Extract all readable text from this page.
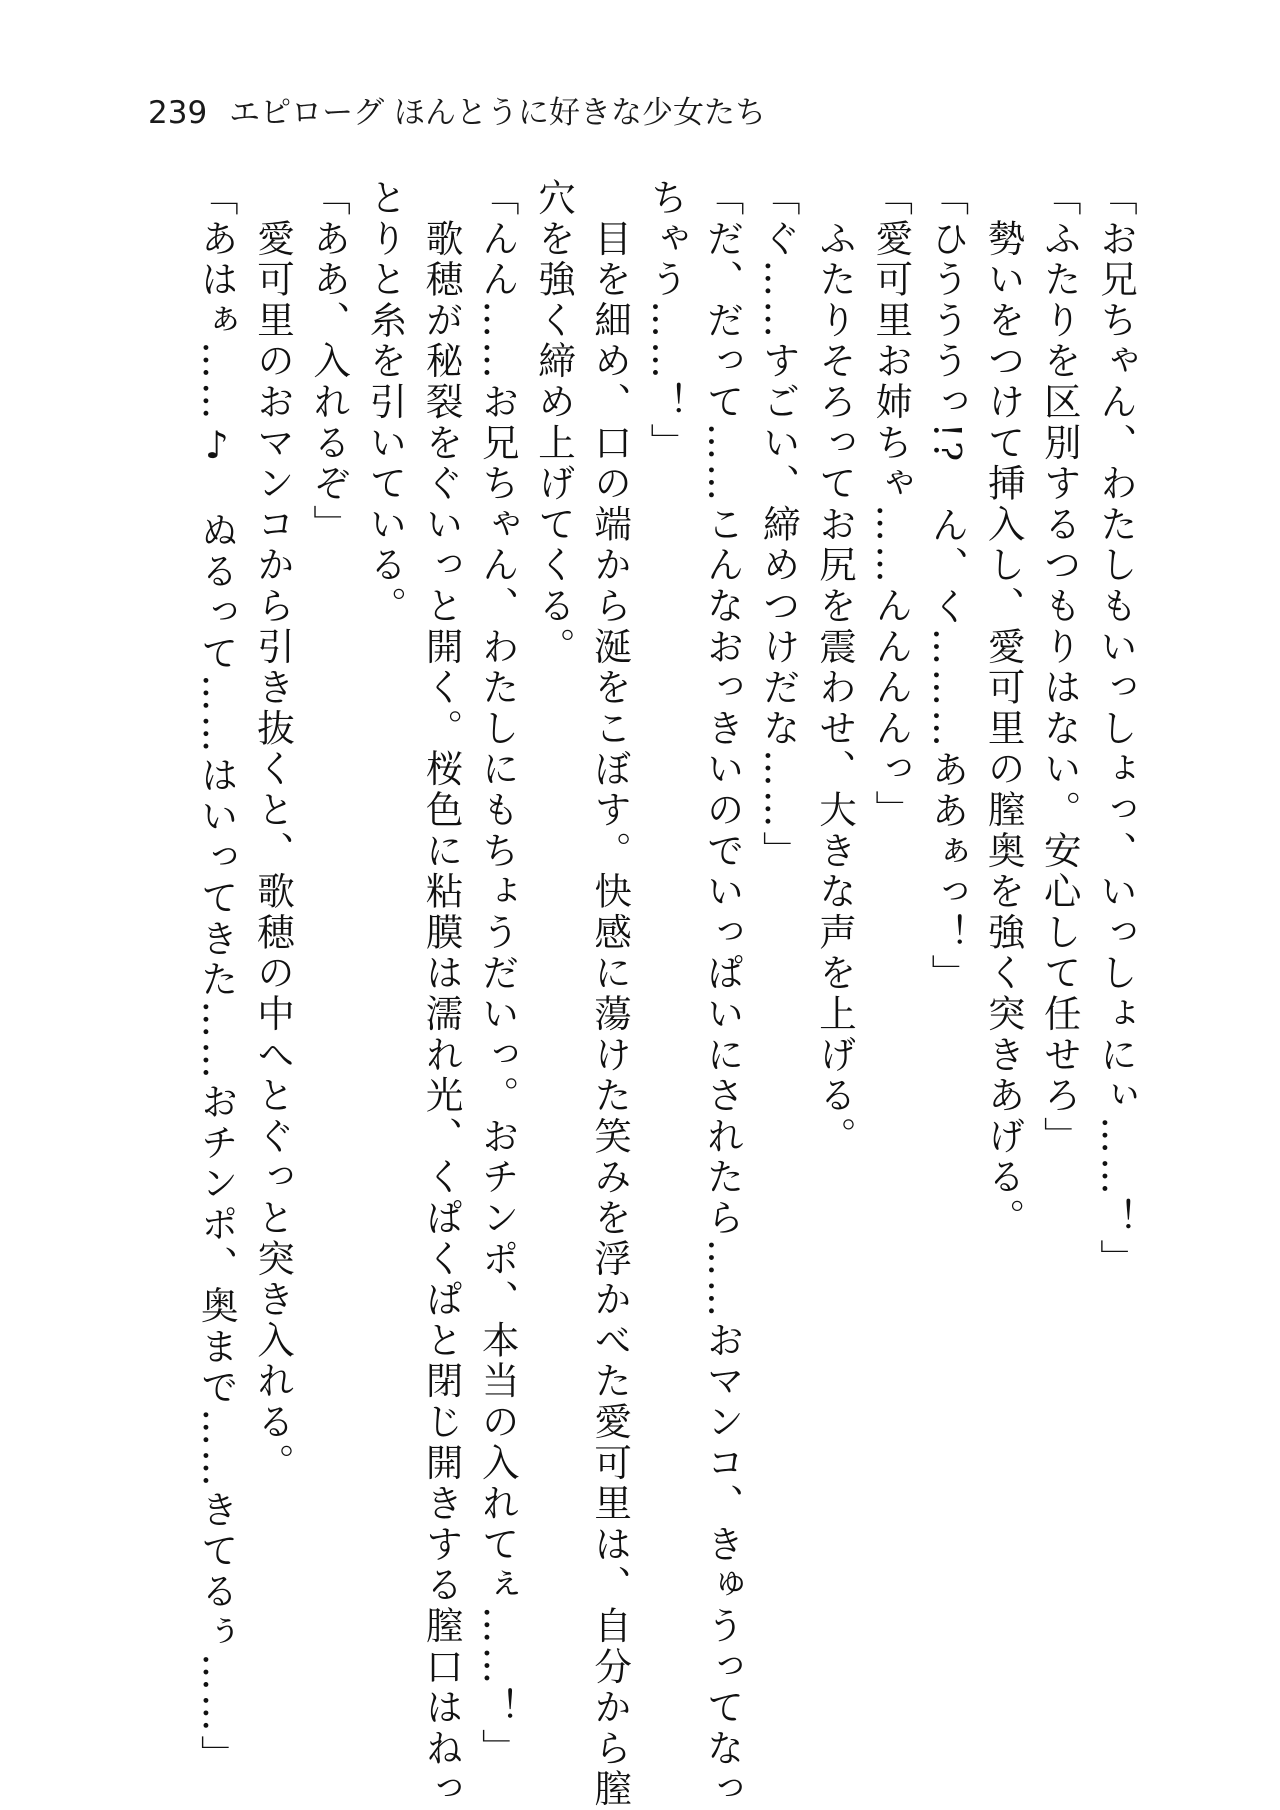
239 エピローグ ほんとうに好きな少女たち
「お兄ちゃん、わたしもいっしょっ、いっしょにぃ……！」
「ふたりを区別するつもりはない。安心して任せろ」
　勢いをつけて挿入し、愛可里の膣奥を強く突きあげる。
「ひうううっ!?　ん、く………ああぁっ！」
「愛可里お姉ちゃ……んんんんっ」
　ふたりそろってお尻を震わせ、大きな声を上げる。
「ぐ……すごい、締めつけだな……」
「だ、だって……こんなおっきいのでいっぱいにされたら……おマンコ、きゅうってなっ
ちゃう……！」
　目を細め、口の端から涎をこぼす。快感に蕩けた笑みを浮かべた愛可里は、自分から膣
穴を強く締め上げてくる。
「んん……お兄ちゃん、わたしにもちょうだいっ。おチンポ、本当の入れてぇ……！」
　歌穂が秘裂をぐいっと開く。桜色に粘膜は濡れ光、くぱくぱと閉じ開きする膣口はねっ
とりと糸を引いている。
「ああ、入れるぞ」
　愛可里のおマンコから引き抜くと、歌穂の中へとぐっと突き入れる。
「あはぁ……♪　ぬるって……はいってきた……おチンポ、奥まで……きてるぅ……」
